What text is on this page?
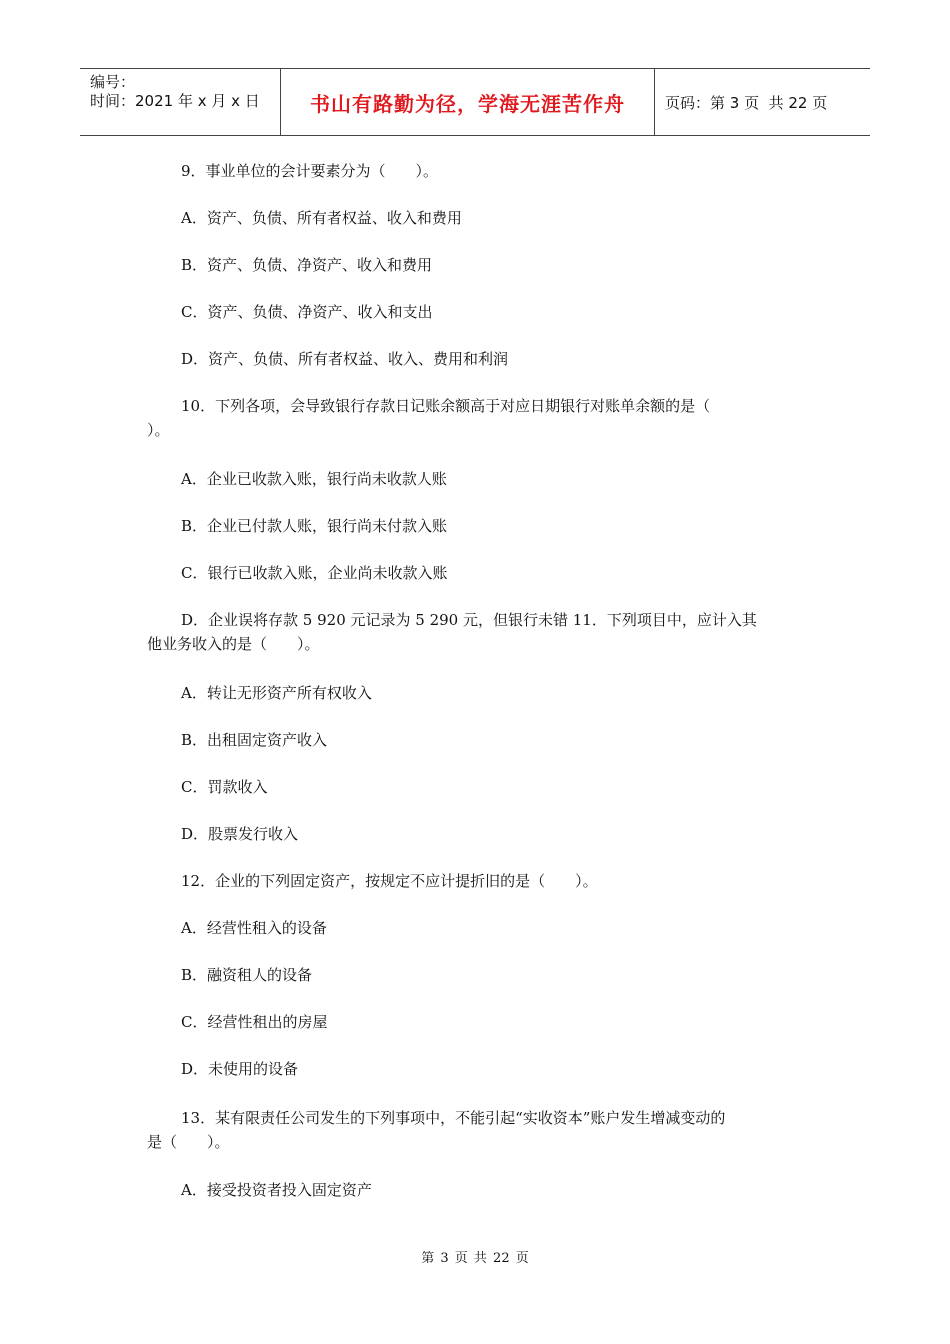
编号：
时间：2021 年 x 月 x 日	书山有路勤为径，学海无涯苦作舟	页码：第 3 页  共 22 页
9．事业单位的会计要素分为（　　）。
A．资产、负债、所有者权益、收入和费用
B．资产、负债、净资产、收入和费用
C．资产、负债、净资产、收入和支出
D．资产、负债、所有者权益、收入、费用和利润
10．下列各项，会导致银行存款日记账余额高于对应日期银行对账单余额的是（
）。
A．企业已收款入账，银行尚未收款人账
B．企业已付款人账，银行尚未付款入账
C．银行已收款入账，企业尚未收款入账
D．企业误将存款 5 920 元记录为 5 290 元，但银行未错 11．下列项目中，应计入其
他业务收入的是（　　）。
A．转让无形资产所有权收入
B．出租固定资产收入
C．罚款收入
D．股票发行收入
12．企业的下列固定资产，按规定不应计提折旧的是（　　）。
A．经营性租入的设备
B．融资租人的设备
C．经营性租出的房屋
D．未使用的设备
13．某有限责任公司发生的下列事项中，不能引起“实收资本”账户发生增减变动的
是（　　）。
A．接受投资者投入固定资产
第 3 页 共 22 页
